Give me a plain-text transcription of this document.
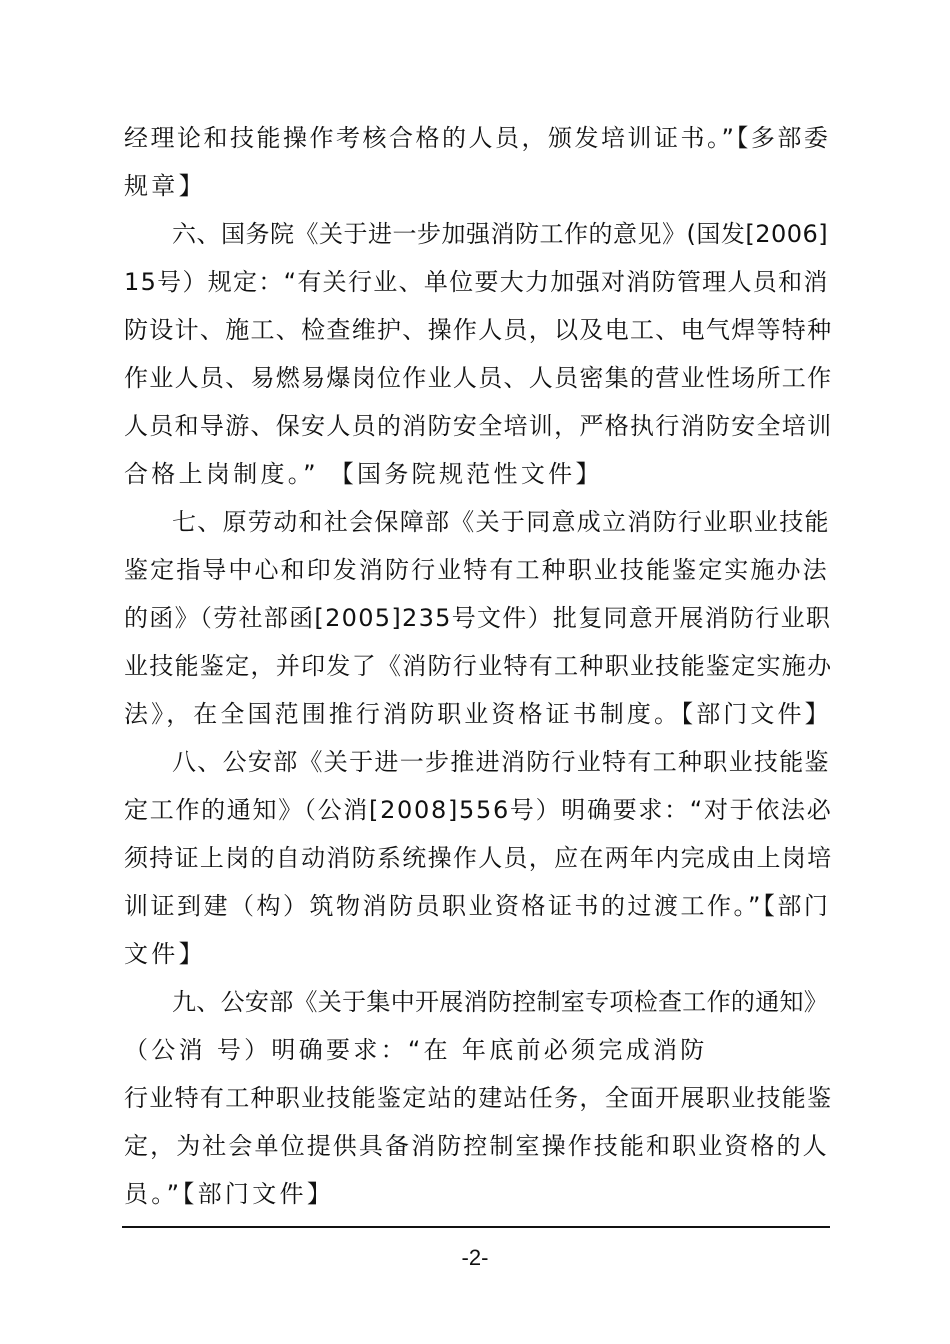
经理论和技能操作考核合格的人员，颁发培训证书。”【多部委
规章】
六、国务院《关于进一步加强消防工作的意见》(国发[2006]
15号）规定：“有关行业、单位要大力加强对消防管理人员和消
防设计、施工、检查维护、操作人员，以及电工、电气焊等特种
作业人员、易燃易爆岗位作业人员、人员密集的营业性场所工作
人员和导游、保安人员的消防安全培训，严格执行消防安全培训
合格上岗制度。” 【国务院规范性文件】
七、原劳动和社会保障部《关于同意成立消防行业职业技能
鉴定指导中心和印发消防行业特有工种职业技能鉴定实施办法
的函》（劳社部函[2005]235号文件）批复同意开展消防行业职
业技能鉴定，并印发了《消防行业特有工种职业技能鉴定实施办
法》，在全国范围推行消防职业资格证书制度。【部门文件】
八、公安部《关于进一步推进消防行业特有工种职业技能鉴
定工作的通知》（公消[2008]556号）明确要求：“对于依法必
须持证上岗的自动消防系统操作人员，应在两年内完成由上岗培
训证到建（构）筑物消防员职业资格证书的过渡工作。”【部门
文件】
九、公安部《关于集中开展消防控制室专项检查工作的通知》
（公消 号）明确要求：“在 年底前必须完成消防
行业特有工种职业技能鉴定站的建站任务，全面开展职业技能鉴
定，为社会单位提供具备消防控制室操作技能和职业资格的人
员。”【部门文件】
-2-
